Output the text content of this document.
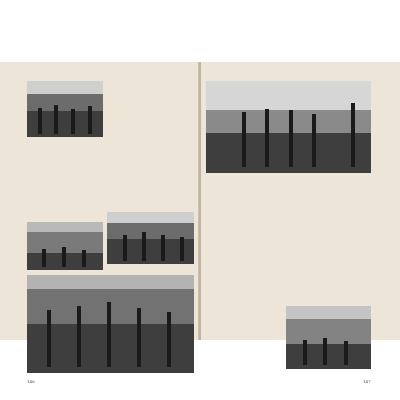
146	147
